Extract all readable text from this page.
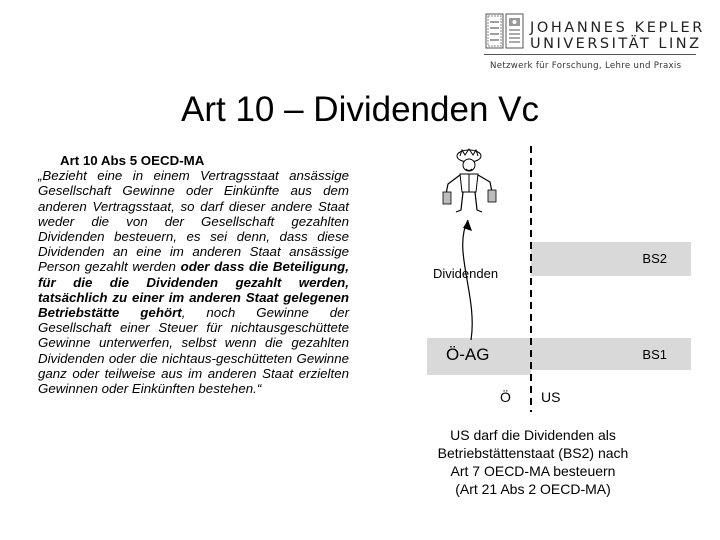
JOHANNES KEPLER
UNIVERSITÄT LINZ
Netzwerk für Forschung, Lehre und Praxis
Art 10 – Dividenden Vc
Art 10 Abs 5 OECD-MA
„Bezieht eine in einem Vertragsstaat ansässige Gesellschaft Gewinne oder Einkünfte aus dem anderen Vertragsstaat, so darf dieser andere Staat weder die von der Gesellschaft gezahlten Dividenden besteuern, es sei denn, dass diese Dividenden an eine im anderen Staat ansässige Person gezahlt werden oder dass die Beteiligung, für die die Dividenden gezahlt werden, tatsächlich zu einer im anderen Staat gelegenen Betriebstätte gehört, noch Gewinne der Gesellschaft einer Steuer für nichtausgeschüttete Gewinne unterwerfen, selbst wenn die gezahlten Dividenden oder die nichtaus-geschütteten Gewinne ganz oder teilweise aus im anderen Staat erzielten Gewinnen oder Einkünften bestehen.“
BS2
BS1
Dividenden
Ö-AG
Ö US
US darf die Dividenden als
Betriebstättenstaat (BS2) nach
Art 7 OECD-MA besteuern
(Art 21 Abs 2 OECD-MA)
